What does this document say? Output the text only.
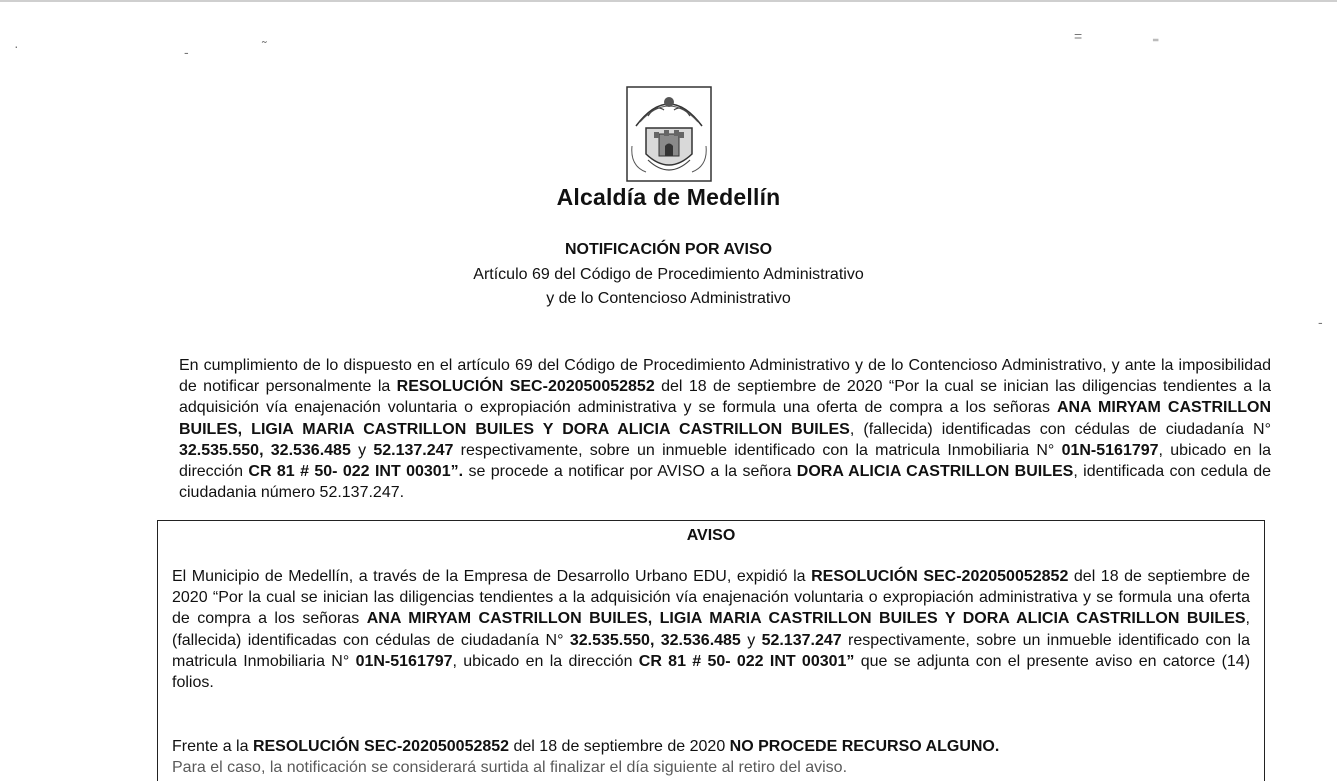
·	-	˜
=	⁼
-
Alcaldía de Medellín
NOTIFICACIÓN POR AVISO
Artículo 69 del Código de Procedimiento Administrativo
y de lo Contencioso Administrativo

En cumplimiento de lo dispuesto en el artículo 69 del Código de Procedimiento Administrativo y de lo Contencioso Administrativo, y ante la imposibilidad de notificar personalmente la RESOLUCIÓN SEC-202050052852 del 18 de septiembre de 2020 “Por la cual se inician las diligencias tendientes a la adquisición vía enajenación voluntaria o expropiación administrativa y se formula una oferta de compra a los señoras ANA MIRYAM CASTRILLON BUILES, LIGIA MARIA CASTRILLON BUILES Y DORA ALICIA CASTRILLON BUILES, (fallecida) identificadas con cédulas de ciudadanía N° 32.535.550, 32.536.485 y 52.137.247 respectivamente, sobre un inmueble identificado con la matricula Inmobiliaria N° 01N-5161797, ubicado en la dirección CR 81 # 50- 022 INT 00301”. se procede a notificar por AVISO a la señora DORA ALICIA CASTRILLON BUILES, identificada con cedula de ciudadania número 52.137.247.

AVISO

El Municipio de Medellín, a través de la Empresa de Desarrollo Urbano EDU, expidió la RESOLUCIÓN SEC-202050052852 del 18 de septiembre de 2020 “Por la cual se inician las diligencias tendientes a la adquisición vía enajenación voluntaria o expropiación administrativa y se formula una oferta de compra a los señoras ANA MIRYAM CASTRILLON BUILES, LIGIA MARIA CASTRILLON BUILES Y DORA ALICIA CASTRILLON BUILES, (fallecida) identificadas con cédulas de ciudadanía N° 32.535.550, 32.536.485 y 52.137.247 respectivamente, sobre un inmueble identificado con la matricula Inmobiliaria N° 01N-5161797, ubicado en la dirección CR 81 # 50- 022 INT 00301” que se adjunta con el presente aviso en catorce (14) folios.

Frente a la RESOLUCIÓN SEC-202050052852 del 18 de septiembre de 2020 NO PROCEDE RECURSO ALGUNO.

Para el caso, la notificación se considerará surtida al finalizar el día siguiente al retiro del aviso.
